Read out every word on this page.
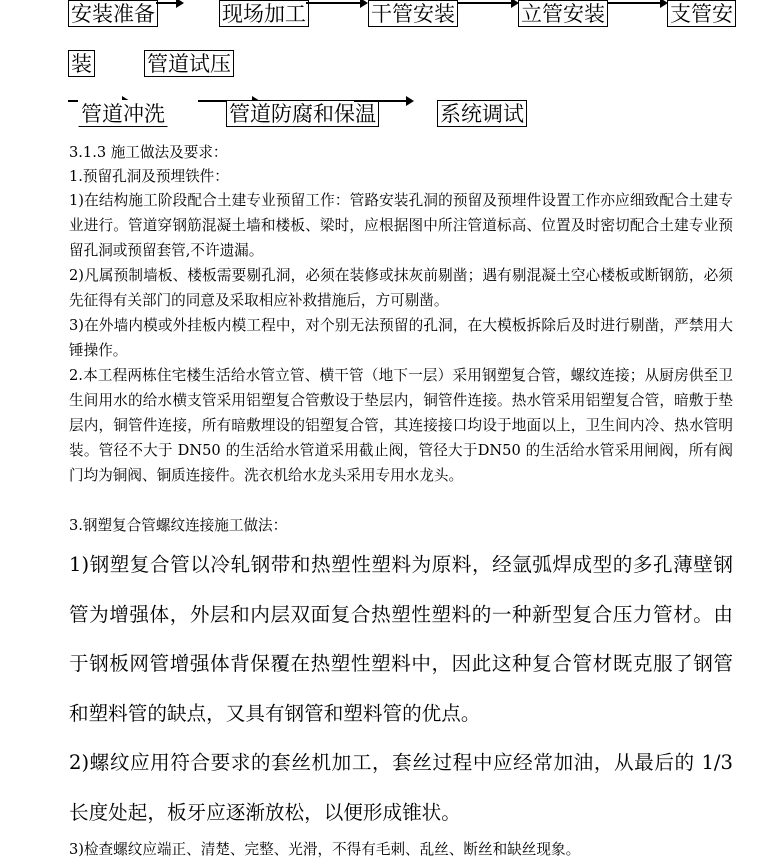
安装准备	现场加工	干管安装	立管安装	支管安
装	管道试压
管道冲洗	管道防腐和保温	系统调试
3.1.3 施工做法及要求：
1.预留孔洞及预埋铁件：
1)在结构施工阶段配合土建专业预留工作：管路安装孔洞的预留及预埋件设置工作亦应细致配合土建专业进行。管道穿钢筋混凝土墙和楼板、梁时，应根据图中所注管道标高、位置及时密切配合土建专业预留孔洞或预留套管,不许遗漏。
2)凡属预制墙板、楼板需要剔孔洞，必须在装修或抹灰前剔凿；遇有剔混凝土空心楼板或断钢筋，必须先征得有关部门的同意及采取相应补救措施后，方可剔凿。
3)在外墙内模或外挂板内模工程中，对个别无法预留的孔洞，在大模板拆除后及时进行剔凿，严禁用大锤操作。
2.本工程两栋住宅楼生活给水管立管、横干管（地下一层）采用钢塑复合管，螺纹连接；从厨房供至卫生间用水的给水横支管采用铝塑复合管敷设于垫层内，铜管件连接。热水管采用铝塑复合管，暗敷于垫层内，铜管件连接，所有暗敷埋设的铝塑复合管，其连接接口均设于地面以上，卫生间内冷、热水管明装。管径不大于 DN50 的生活给水管道采用截止阀，管径大于DN50 的生活给水管采用闸阀，所有阀门均为铜阀、铜质连接件。洗衣机给水龙头采用专用水龙头。
3.钢塑复合管螺纹连接施工做法：
1)钢塑复合管以冷轧钢带和热塑性塑料为原料，经氩弧焊成型的多孔薄壁钢管为增强体，外层和内层双面复合热塑性塑料的一种新型复合压力管材。由于钢板网管增强体背保覆在热塑性塑料中，因此这种复合管材既克服了钢管和塑料管的缺点，又具有钢管和塑料管的优点。
2)螺纹应用符合要求的套丝机加工，套丝过程中应经常加油，从最后的 1/3长度处起，板牙应逐渐放松，以便形成锥状。
3)检查螺纹应端正、清楚、完整、光滑，不得有毛刺、乱丝、断丝和缺丝现象。
